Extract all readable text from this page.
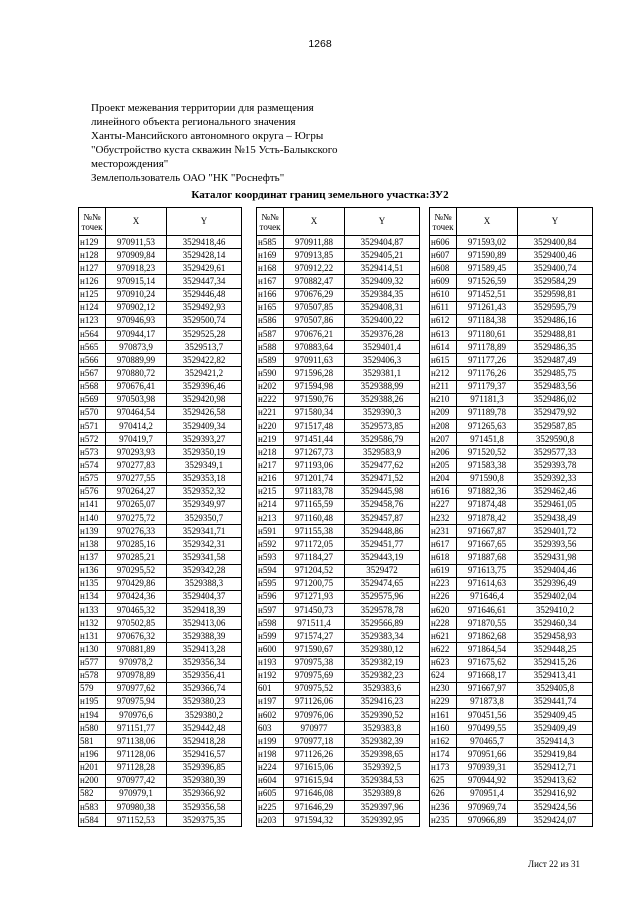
1268
Проект межевания территории для размещения
линейного объекта регионального значения
Ханты-Мансийского автономного округа – Югры
"Обустройство куста скважин №15 Усть-Балыкского
месторождения"
Землепользователь ОАО "НК "Роснефть"
Каталог координат границ земельного участка:ЗУ2
№№
точек	X	Y
н129	970911,53	3529418,46
н128	970909,84	3529428,14
н127	970918,23	3529429,61
н126	970915,14	3529447,34
н125	970910,24	3529446,48
н124	970902,12	3529492,93
н123	970946,93	3529500,74
н564	970944,17	3529525,28
н565	970873,9	3529513,7
н566	970889,99	3529422,82
н567	970880,72	3529421,2
н568	970676,41	3529396,46
н569	970503,98	3529420,98
н570	970464,54	3529426,58
н571	970414,2	3529409,34
н572	970419,7	3529393,27
н573	970293,93	3529350,19
н574	970277,83	3529349,1
н575	970277,55	3529353,18
н576	970264,27	3529352,32
н141	970265,07	3529349,97
н140	970275,72	3529350,7
н139	970276,33	3529341,71
н138	970285,16	3529342,31
н137	970285,21	3529341,58
н136	970295,52	3529342,28
н135	970429,86	3529388,3
н134	970424,36	3529404,37
н133	970465,32	3529418,39
н132	970502,85	3529413,06
н131	970676,32	3529388,39
н130	970881,89	3529413,28
н577	970978,2	3529356,34
н578	970978,89	3529356,41
579	970977,62	3529366,74
н195	970975,94	3529380,23
н194	970976,6	3529380,2
н580	971151,77	3529442,48
581	971138,06	3529418,28
н196	971128,06	3529416,57
н201	971128,28	3529396,85
н200	970977,42	3529380,39
582	970979,1	3529366,92
н583	970980,38	3529356,58
н584	971152,53	3529375,35
№№
точек	X	Y
н585	970911,88	3529404,87
н169	970913,85	3529405,21
н168	970912,22	3529414,51
н167	970882,47	3529409,32
н166	970676,29	3529384,35
н165	970507,85	3529408,31
н586	970507,86	3529400,22
н587	970676,21	3529376,28
н588	970883,64	3529401,4
н589	970911,63	3529406,3
н590	971596,28	3529381,1
н202	971594,98	3529388,99
н222	971590,76	3529388,26
н221	971580,34	3529390,3
н220	971517,48	3529573,85
н219	971451,44	3529586,79
н218	971267,73	3529583,9
н217	971193,06	3529477,62
н216	971201,74	3529471,52
н215	971183,78	3529445,98
н214	971165,59	3529458,76
н213	971160,48	3529457,87
н591	971155,38	3529448,86
н592	971172,05	3529451,77
н593	971184,27	3529443,19
н594	971204,52	3529472
н595	971200,75	3529474,65
н596	971271,93	3529575,96
н597	971450,73	3529578,78
н598	971511,4	3529566,89
н599	971574,27	3529383,34
н600	971590,67	3529380,12
н193	970975,38	3529382,19
н192	970975,69	3529382,23
601	970975,52	3529383,6
н197	971126,06	3529416,23
н602	970976,06	3529390,52
603	970977	3529383,8
н199	970977,18	3529382,39
н198	971126,26	3529398,65
н224	971615,06	3529392,5
н604	971615,94	3529384,53
н605	971646,08	3529389,8
н225	971646,29	3529397,96
н203	971594,32	3529392,95
№№
точек	X	Y
н606	971593,02	3529400,84
н607	971590,89	3529400,46
н608	971589,45	3529400,74
н609	971526,59	3529584,29
н610	971452,51	3529598,81
н611	971261,43	3529595,79
н612	971184,38	3529486,16
н613	971180,61	3529488,81
н614	971178,89	3529486,35
н615	971177,26	3529487,49
н212	971176,26	3529485,75
н211	971179,37	3529483,56
н210	971181,3	3529486,02
н209	971189,78	3529479,92
н208	971265,63	3529587,85
н207	971451,8	3529590,8
н206	971520,52	3529577,33
н205	971583,38	3529393,78
н204	971590,8	3529392,33
н616	971882,36	3529462,46
н227	971874,48	3529461,05
н232	971878,42	3529438,49
н231	971667,87	3529401,72
н617	971667,65	3529393,56
н618	971887,68	3529431,98
н619	971613,75	3529404,46
н223	971614,63	3529396,49
н226	971646,4	3529402,04
н620	971646,61	3529410,2
н228	971870,55	3529460,34
н621	971862,68	3529458,93
н622	971864,54	3529448,25
н623	971675,62	3529415,26
624	971668,17	3529413,41
н230	971667,97	3529405,8
н229	971873,8	3529441,74
н161	970451,56	3529409,45
н160	970499,55	3529409,49
н162	970465,7	3529414,3
н174	970951,66	3529419,84
н173	970939,31	3529412,71
625	970944,92	3529413,62
626	970951,4	3529416,92
н236	970969,74	3529424,56
н235	970966,89	3529424,07
Лист 22 из 31
